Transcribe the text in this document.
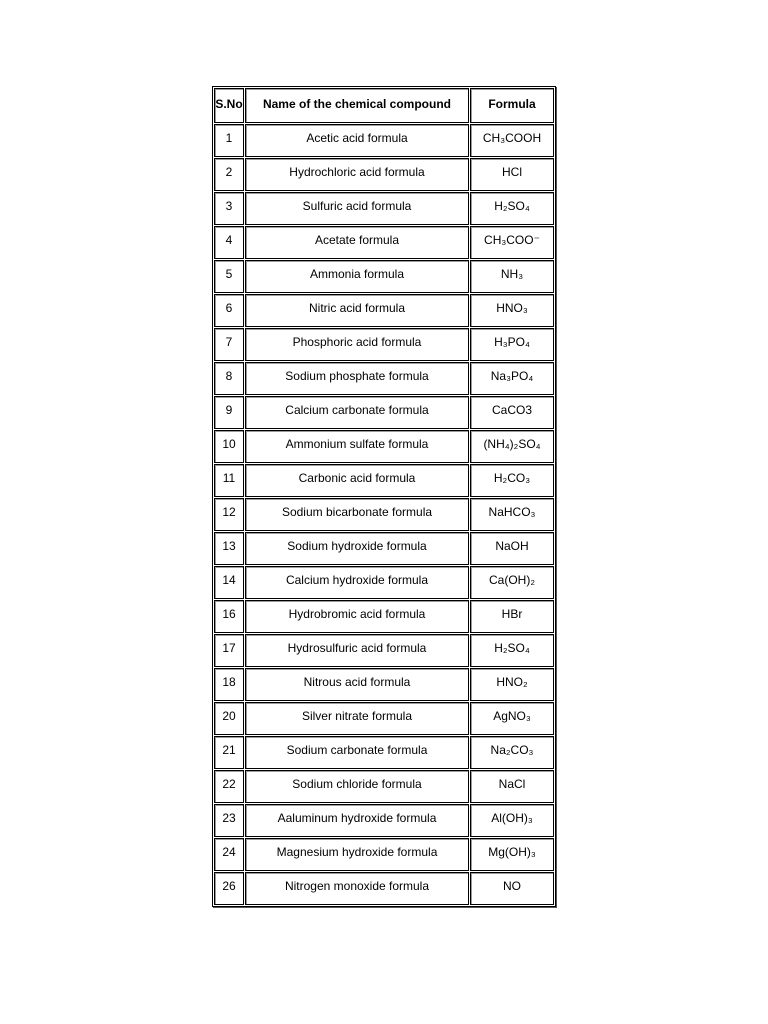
S.No	Name of the chemical compound	Formula
1	Acetic acid formula	CH₃COOH
2	Hydrochloric acid formula	HCl
3	Sulfuric acid formula	H₂SO₄
4	Acetate formula	CH₃COO⁻
5	Ammonia formula	NH₃
6	Nitric acid formula	HNO₃
7	Phosphoric acid formula	H₃PO₄
8	Sodium phosphate formula	Na₃PO₄
9	Calcium carbonate formula	CaCO3
10	Ammonium sulfate formula	(NH₄)₂SO₄
11	Carbonic acid formula	H₂CO₃
12	Sodium bicarbonate formula	NaHCO₃
13	Sodium hydroxide formula	NaOH
14	Calcium hydroxide formula	Ca(OH)₂
16	Hydrobromic acid formula	HBr
17	Hydrosulfuric acid formula	H₂SO₄
18	Nitrous acid formula	HNO₂
20	Silver nitrate formula	AgNO₃
21	Sodium carbonate formula	Na₂CO₃
22	Sodium chloride formula	NaCl
23	Aaluminum hydroxide formula	Al(OH)₃
24	Magnesium hydroxide formula	Mg(OH)₃
26	Nitrogen monoxide formula	NO
